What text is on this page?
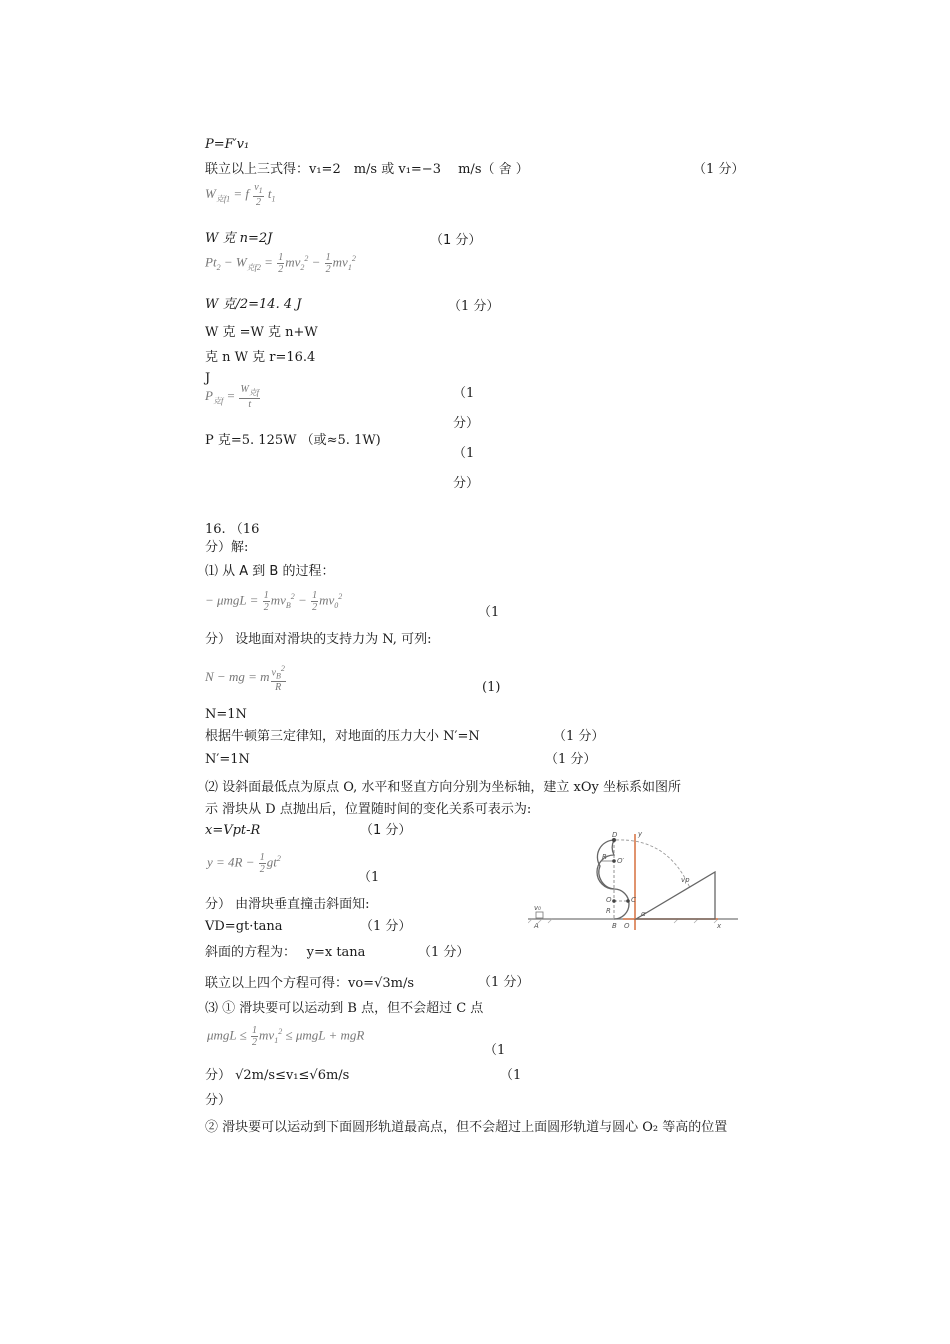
P=F′v₁
联立以上三式得：v₁=2　m/s 或 v₁=−3　 m/s（ 舍 ）	（1 分）
$W_{克f1} = f \frac{v_1}{2} t_1$
W 克 n=2J	（1 分）
$Pt_2 - W_{克f2} = \frac{1}{2} mv_2^2 - \frac{1}{2} mv_1^2$
W 克/2=14. 4 J	（1 分）
W 克 =W 克 n+W
克 n W 克 r=16.4
J
$P_{克f} = \frac{W_{克f}}{t}$	（1
分）
P 克=5. 125W （或≈5. 1W)
（1
分）
16. （16
分）解:
⑴ 从 A 到 B 的过程：
− $\mu mgL = \frac{1}{2} mv_B^2 - \frac{1}{2} mv_0^2$
（1
分） 设地面对滑块的支持力为 N, 可列:
N − mg = m $\frac{v_B^2}{R}$	(1)
N=1N
根据牛顿第三定律知，对地面的压力大小 N′=N	（1 分）
N′=1N	（1 分）
⑵ 设斜面最低点为原点 O, 水平和竖直方向分别为坐标轴，建立 xOy 坐标系如图所
示 滑块从 D 点抛出后，位置随时间的变化关系可表示为:
x=Vpt-R	（1 分）
$y = 4R - \frac{1}{2} gt^2$
（1
分） 由滑块垂直撞击斜面知:
VD=gt·tana	（1 分）
斜面的方程为：　 y=x tana	（1 分）
联立以上四个方程可得：vo=√3m/s	（1 分）
⑶ ① 滑块要可以运动到 B 点，但不会超过 C 点
$\mu mgL \le \frac{1}{2} mv_1^2 \le \mu mgL$ + mgR
（1
分） √2m/s≤v₁≤√6m/s	（1
分）
② 滑块要可以运动到下面圆形轨道最高点，但不会超过上面圆形轨道与圆心 O₂ 等高的位置
D	y
R O′
O
R
C
v₀
A	B O	x
α
vp
